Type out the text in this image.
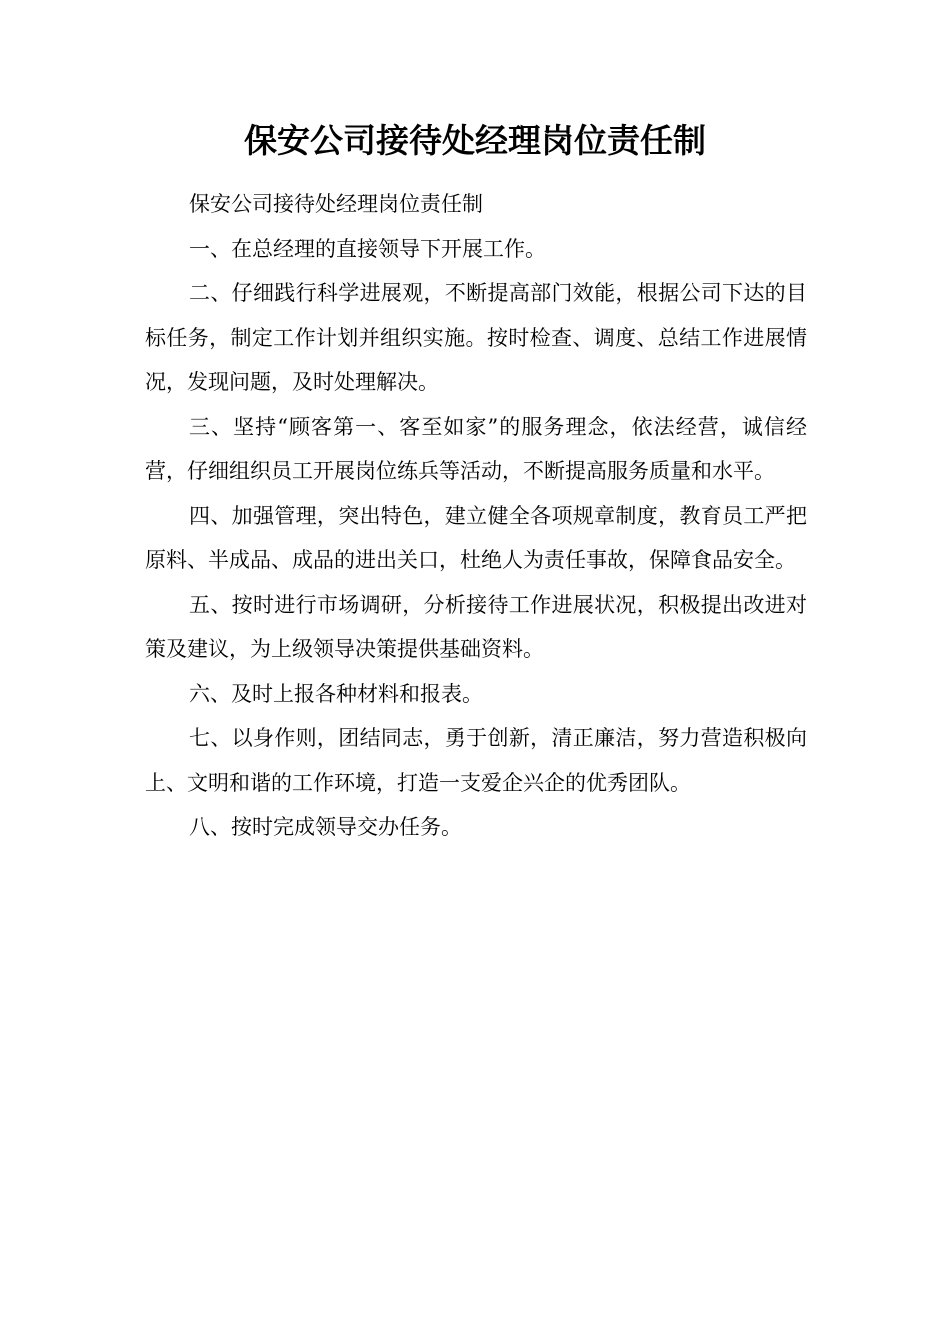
保安公司接待处经理岗位责任制

保安公司接待处经理岗位责任制

一、在总经理的直接领导下开展工作。

二、仔细践行科学进展观，不断提高部门效能，根据公司下达的目标任务，制定工作计划并组织实施。按时检查、调度、总结工作进展情况，发现问题，及时处理解决。

三、坚持“顾客第一、客至如家”的服务理念，依法经营，诚信经营，仔细组织员工开展岗位练兵等活动，不断提高服务质量和水平。

四、加强管理，突出特色，建立健全各项规章制度，教育员工严把原料、半成品、成品的进出关口，杜绝人为责任事故，保障食品安全。

五、按时进行市场调研，分析接待工作进展状况，积极提出改进对策及建议，为上级领导决策提供基础资料。

六、及时上报各种材料和报表。

七、以身作则，团结同志，勇于创新，清正廉洁，努力营造积极向上、文明和谐的工作环境，打造一支爱企兴企的优秀团队。

八、按时完成领导交办任务。
